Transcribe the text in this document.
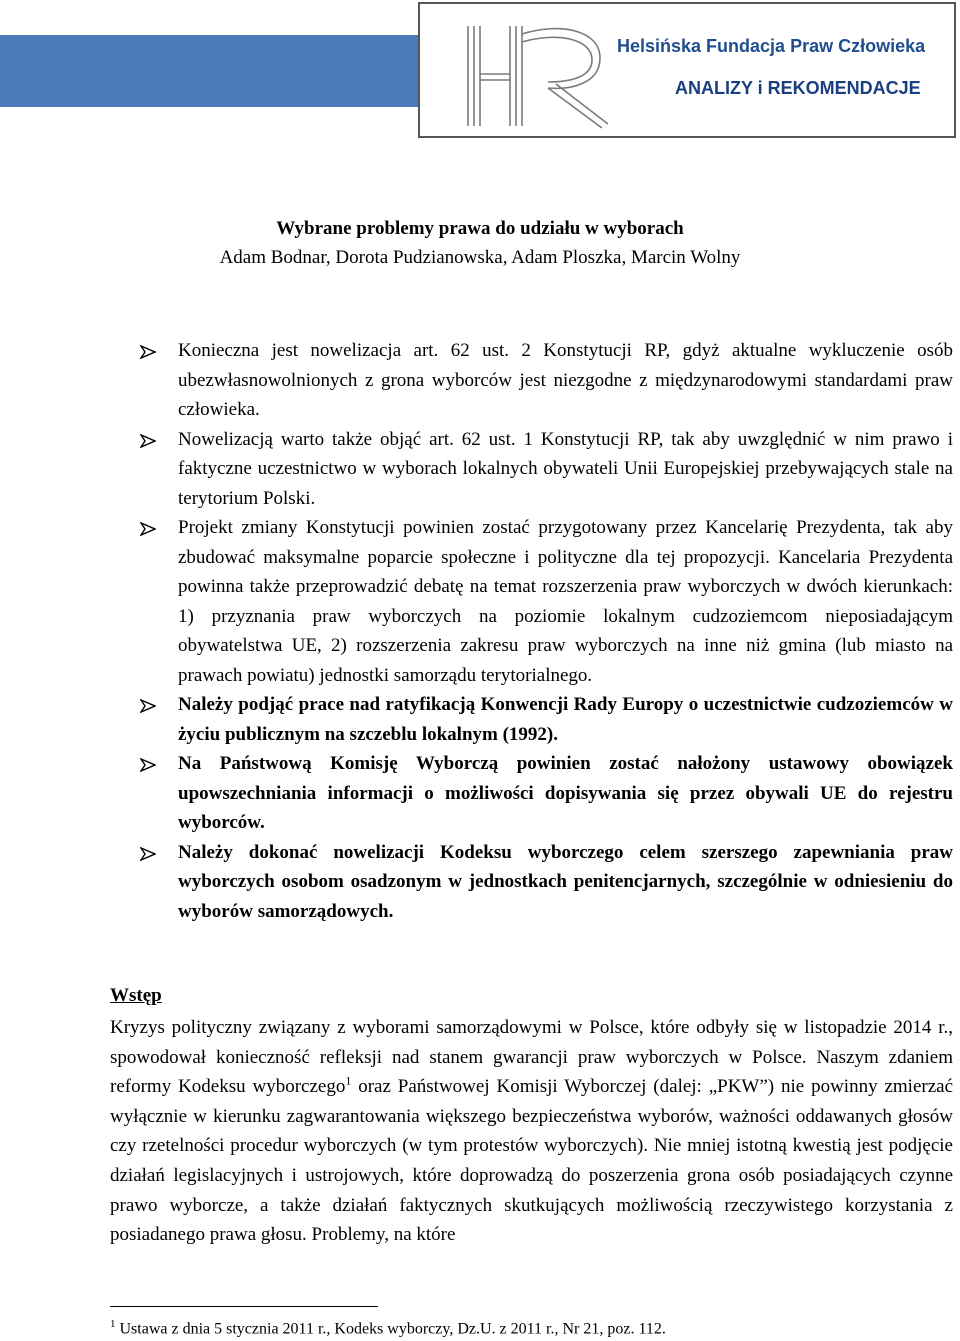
Helsińska Fundacja Praw Człowieka
ANALIZY i REKOMENDACJE
Wybrane problemy prawa do udziału w wyborach
Adam Bodnar, Dorota Pudzianowska, Adam Ploszka, Marcin Wolny
Konieczna jest nowelizacja art. 62 ust. 2 Konstytucji RP, gdyż aktualne wykluczenie osób ubezwłasnowolnionych z grona wyborców jest niezgodne z międzynarodowymi standardami praw człowieka.
Nowelizacją warto także objąć art. 62 ust. 1 Konstytucji RP, tak aby uwzględnić w nim prawo i faktyczne uczestnictwo w wyborach lokalnych obywateli Unii Europejskiej przebywających stale na terytorium Polski.
Projekt zmiany Konstytucji powinien zostać przygotowany przez Kancelarię Prezydenta, tak aby zbudować maksymalne poparcie społeczne i polityczne dla tej propozycji. Kancelaria Prezydenta powinna także przeprowadzić debatę na temat rozszerzenia praw wyborczych w dwóch kierunkach: 1) przyznania praw wyborczych na poziomie lokalnym cudzoziemcom nieposiadającym obywatelstwa UE, 2) rozszerzenia zakresu praw wyborczych na inne niż gmina (lub miasto na prawach powiatu) jednostki samorządu terytorialnego.
Należy podjąć prace nad ratyfikacją Konwencji Rady Europy o uczestnictwie cudzoziemców w życiu publicznym na szczeblu lokalnym (1992).
Na Państwową Komisję Wyborczą powinien zostać nałożony ustawowy obowiązek upowszechniania informacji o możliwości dopisywania się przez obywali UE do rejestru wyborców.
Należy dokonać nowelizacji Kodeksu wyborczego celem szerszego zapewniania praw wyborczych osobom osadzonym w jednostkach penitencjarnych, szczególnie w odniesieniu do wyborów samorządowych.
Wstęp

Kryzys polityczny związany z wyborami samorządowymi w Polsce, które odbyły się w listopadzie 2014 r., spowodował konieczność refleksji nad stanem gwarancji praw wyborczych w Polsce. Naszym zdaniem reformy Kodeksu wyborczego$^1$ oraz Państwowej Komisji Wyborczej (dalej: „PKW”) nie powinny zmierzać wyłącznie w kierunku zagwarantowania większego bezpieczeństwa wyborów, ważności oddawanych głosów czy rzetelności procedur wyborczych (w tym protestów wyborczych). Nie mniej istotną kwestią jest podjęcie działań legislacyjnych i ustrojowych, które doprowadzą do poszerzenia grona osób posiadających czynne prawo wyborcze, a także działań faktycznych skutkujących możliwością rzeczywistego korzystania z posiadanego prawa głosu. Problemy, na które

$^1$ Ustawa z dnia 5 stycznia 2011 r., Kodeks wyborczy, Dz.U. z 2011 r., Nr 21, poz. 112.
